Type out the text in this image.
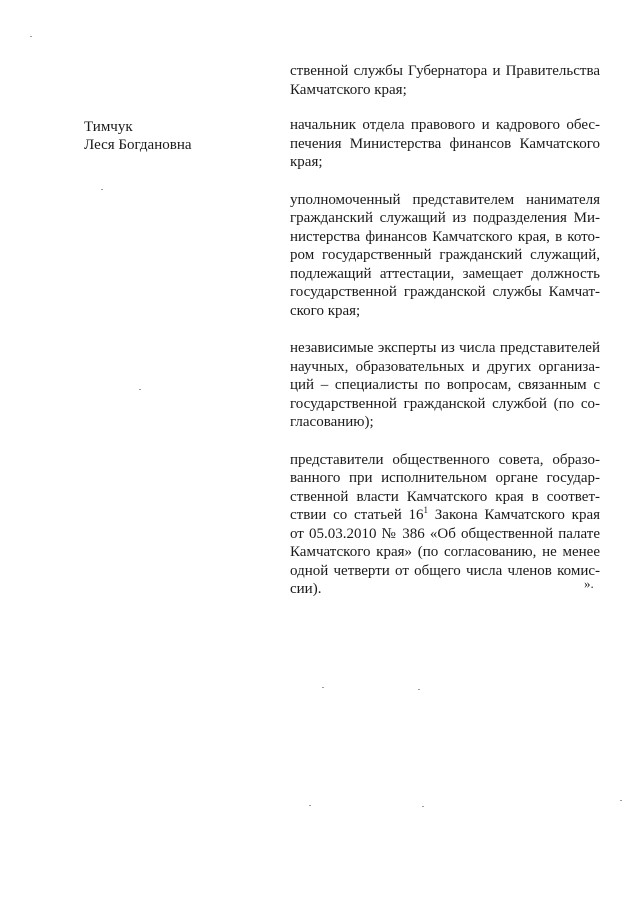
Тимчук
Леся Богдановна
ственной службы Губернатора и Правительства
Камчатского края;
начальник отдела правового и кадрового обес-
печения Министерства финансов Камчатского
края;
уполномоченный представителем нанимателя
гражданский служащий из подразделения Ми-
нистерства финансов Камчатского края, в кото-
ром государственный гражданский служащий,
подлежащий аттестации, замещает должность
государственной гражданской службы Камчат-
ского края;
независимые эксперты из числа представителей
научных, образовательных и других организа-
ций – специалисты по вопросам, связанным с
государственной гражданской службой (по со-
гласованию);
представители общественного совета, образо-
ванного при исполнительном органе государ-
ственной власти Камчатского края в соответ-
ствии со статьей $16^1$ Закона Камчатского края
от 05.03.2010 № 386 «Об общественной палате
Камчатского края» (по согласованию, не менее
одной четверти от общего числа членов комис-
сии).	».
